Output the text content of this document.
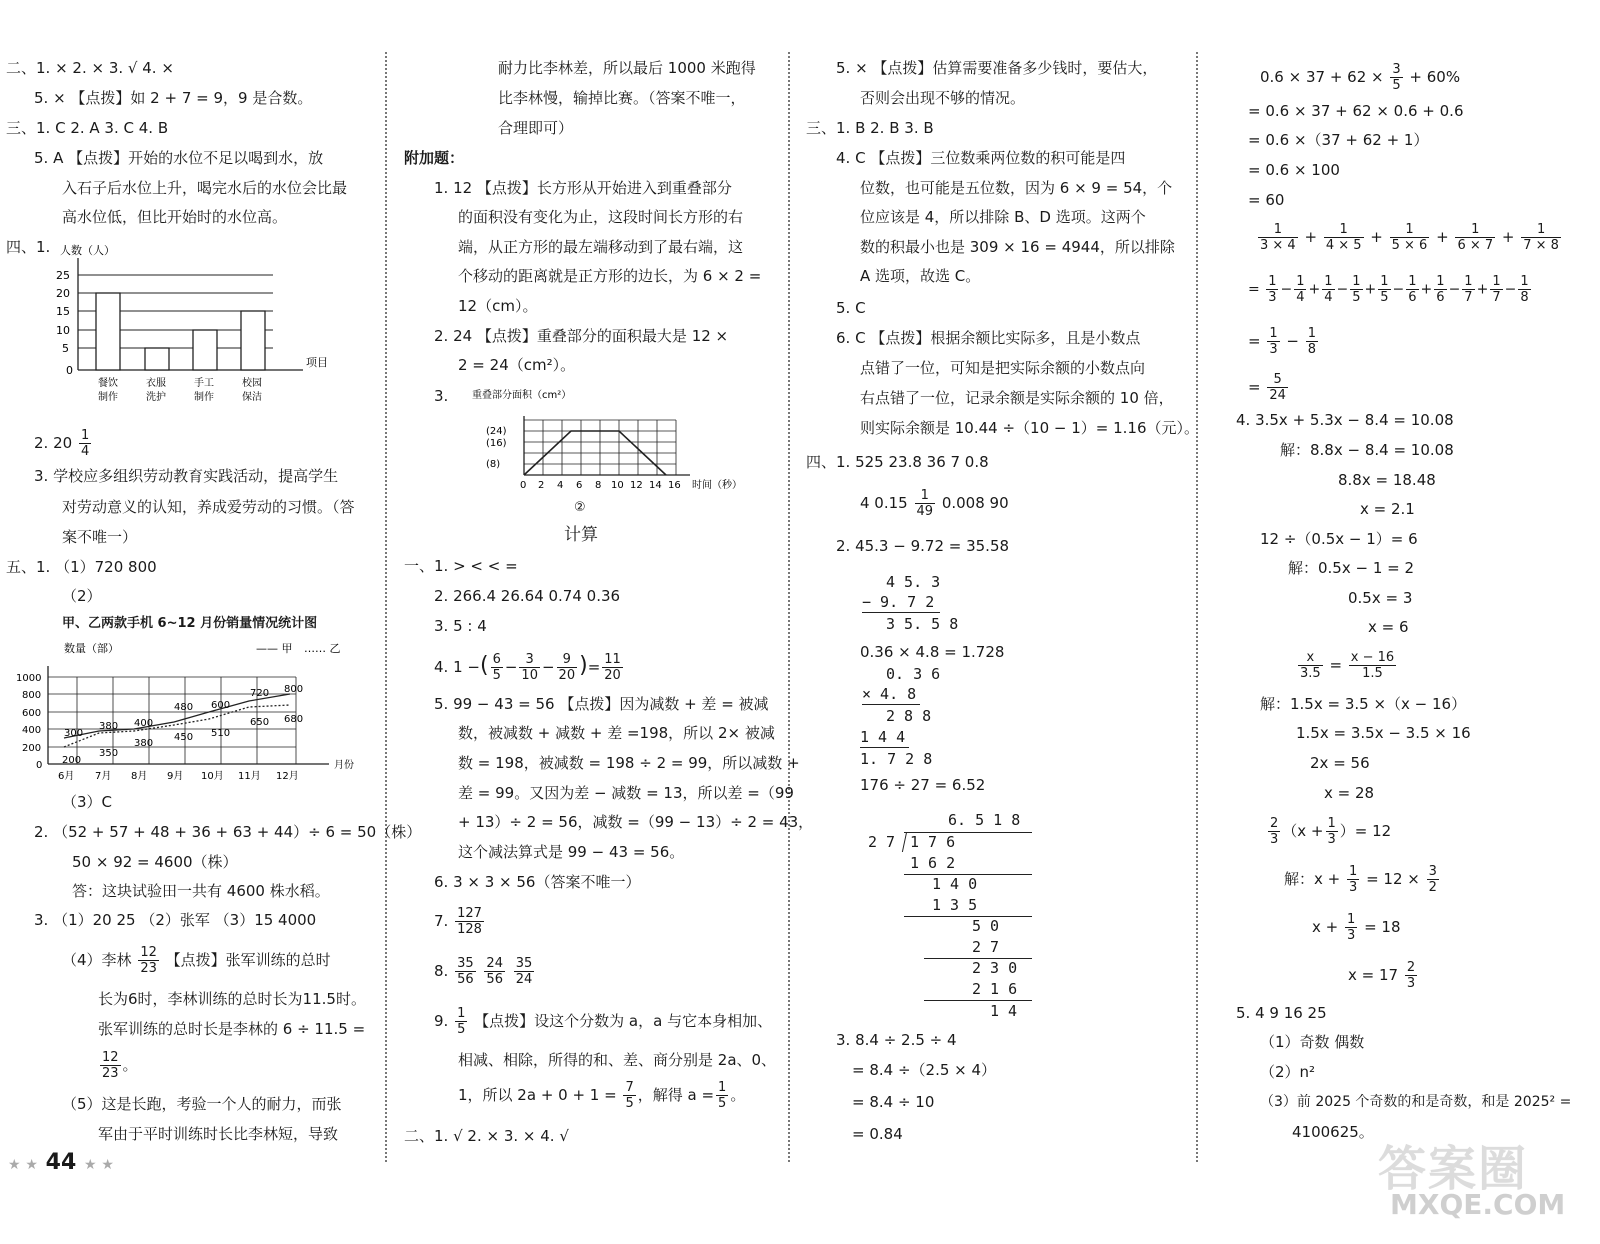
二、1. × 2. × 3. √ 4. ×
5. × 【点拨】如 2 + 7 = 9，9 是合数。
三、1. C 2. A 3. C 4. B
5. A 【点拨】开始的水位不足以喝到水，放
入石子后水位上升，喝完水后的水位会比最
高水位低，但比开始时的水位高。
四、1. 人数（人）
25
20
15
10
5
0
项目
餐饮
制作
衣服
洗护
手工
制作
校园
保洁
2. $20 \frac{1}{4}$
3. 学校应多组织劳动教育实践活动，提高学生
对劳动意义的认知，养成爱劳动的习惯。（答
案不唯一）
五、1. （1）720 800
（2）
甲、乙两款手机 6~12 月份销量情况统计图
数量（部）	—— 甲 …… 乙
1000
800
600
400
200
0
300
380 400
480 600
720 800
200
350
380
450 510
650 680
6月 7月 8月 9月 10月 11月 12月
月份
（3）C
2. （52 + 57 + 48 + 36 + 63 + 44）÷ 6 = 50（株）
50 × 92 = 4600（株）
答：这块试验田一共有 4600 株水稻。
3. （1）20 25 （2）张军 （3）15 4000
（4）李林 $\frac{12}{23}$ 【点拨】张军训练的总时
长为6时，李林训练的总时长为11.5时。
张军训练的总时长是李林的 6 ÷ 11.5 =
$\frac{12}{23}$ 。
（5）这是长跑，考验一个人的耐力，而张
军由于平时训练时长比李林短，导致
耐力比李林差，所以最后 1000 米跑得
比李林慢，输掉比赛。（答案不唯一，
合理即可）
附加题：
1. 12 【点拨】长方形从开始进入到重叠部分
的面积没有变化为止，这段时间长方形的右
端，从正方形的最左端移动到了最右端，这
个移动的距离就是正方形的边长，为 6 × 2 =
12（cm）。
2. 24 【点拨】重叠部分的面积最大是 12 ×
2 = 24（cm²）。
3. 重叠部分面积（cm²）
(24)
(16)
(8)
0 2 4 6 8 10 12 14 16 时间（秒）
②
计算
一、1. > < < =
2. 266.4 26.64 0.74 0.36
3. 5 : 4
4. 1 −( $\frac{6}{5} - \frac{3}{10} - \frac{9}{20}$ )= $\frac{11}{20}$
5. 99 − 43 = 56 【点拨】因为减数 + 差 = 被减
数，被减数 + 减数 + 差 =198，所以 2× 被减
数 = 198，被减数 = 198 ÷ 2 = 99，所以减数 +
差 = 99。又因为差 − 减数 = 13，所以差 =（99
+ 13）÷ 2 = 56，减数 =（99 − 13）÷ 2 = 43，
这个减法算式是 99 − 43 = 56。
6. 3 × 3 × 56（答案不唯一）
7. $\frac{127}{128}$
8. $\frac{35}{56}$
$\frac{24}{56}$
$\frac{35}{24}$
9. $\frac{1}{5}$ 【点拨】设这个分数为 a，a 与它本身相加、
相减、相除，所得的和、差、商分别是 2a、0、
1，所以 $2a + 0 + 1 = \frac{7}{5}$ ，解得 $a = \frac{1}{5}$ 。
二、1. √ 2. × 3. × 4. √
5. × 【点拨】估算需要准备多少钱时，要估大，
否则会出现不够的情况。
三、1. B 2. B 3. B
4. C 【点拨】三位数乘两位数的积可能是四
位数，也可能是五位数，因为 6 × 9 = 54，个
位应该是 4，所以排除 B、D 选项。这两个
数的积最小也是 309 × 16 = 4944，所以排除
A 选项，故选 C。
5. C
6. C 【点拨】根据余额比实际多，且是小数点
点错了一位，可知是把实际余额的小数点向
右点错了一位，记录余额是实际余额的 10 倍，
则实际余额是 10.44 ÷（10 − 1）= 1.16（元）。
四、1. 525 23.8 36 7 0.8
4 $0.15 \frac{1}{49} 0.008$ 90
2. 45.3 − 9.72 = 35.58
4 5. 3
− 9. 7 2
3 5. 5 8
0.36 × 4.8 = 1.728
0. 3 6
× 4. 8
2 8 8
1 4 4
1. 7 2 8
176 ÷ 27 = 6.52
6. 5 1 8
2 7 1 7 6
1 6 2
1 4 0
1 3 5
5 0
2 7
2 3 0
2 1 6
1 4
3. 8.4 ÷ 2.5 ÷ 4
= 8.4 ÷（2.5 × 4）
= 8.4 ÷ 10
= 0.84
$0.6 \times 37 + 62 \times \frac{3}{5} + 60\%$
= 0.6 × 37 + 62 × 0.6 + 0.6
= 0.6 ×（37 + 62 + 1）
= 0.6 × 100
= 60
$\frac{1}{3 \times 4} + \frac{1}{4 \times 5} + \frac{1}{5 \times 6} + \frac{1}{6 \times 7} + \frac{1}{7 \times 8}$
= $\frac{1}{3} - \frac{1}{4} + \frac{1}{4} - \frac{1}{5} + \frac{1}{5} - \frac{1}{6} + \frac{1}{6} - \frac{1}{7} + \frac{1}{7} - \frac{1}{8}$
= $\frac{1}{3} - \frac{1}{8}$
= $\frac{5}{24}$
4. 3.5x + 5.3x − 8.4 = 10.08
解：8.8x − 8.4 = 10.08
8.8x = 18.48
x = 2.1
12 ÷（0.5x − 1）= 6
解：0.5x − 1 = 2
0.5x = 3
x = 6
$\frac{x}{3.5} = \frac{x - 16}{1.5}$
解：1.5x = 3.5 ×（x − 16）
1.5x = 3.5x − 3.5 × 16
2x = 56
x = 28
$\frac{2}{3} (x + \frac{1}{3}$ ）= 12
解：$x + \frac{1}{3} = 12 \times \frac{3}{2}$
$x + \frac{1}{3} = 18$
$x = 17 \frac{2}{3}$
5. 4 9 16 25
（1）奇数 偶数
（2）n²
（3）前 2025 个奇数的和是奇数，和是 2025² =
4100625。
★ ★ 44 ★ ★	答案圈
MXQE.COM
